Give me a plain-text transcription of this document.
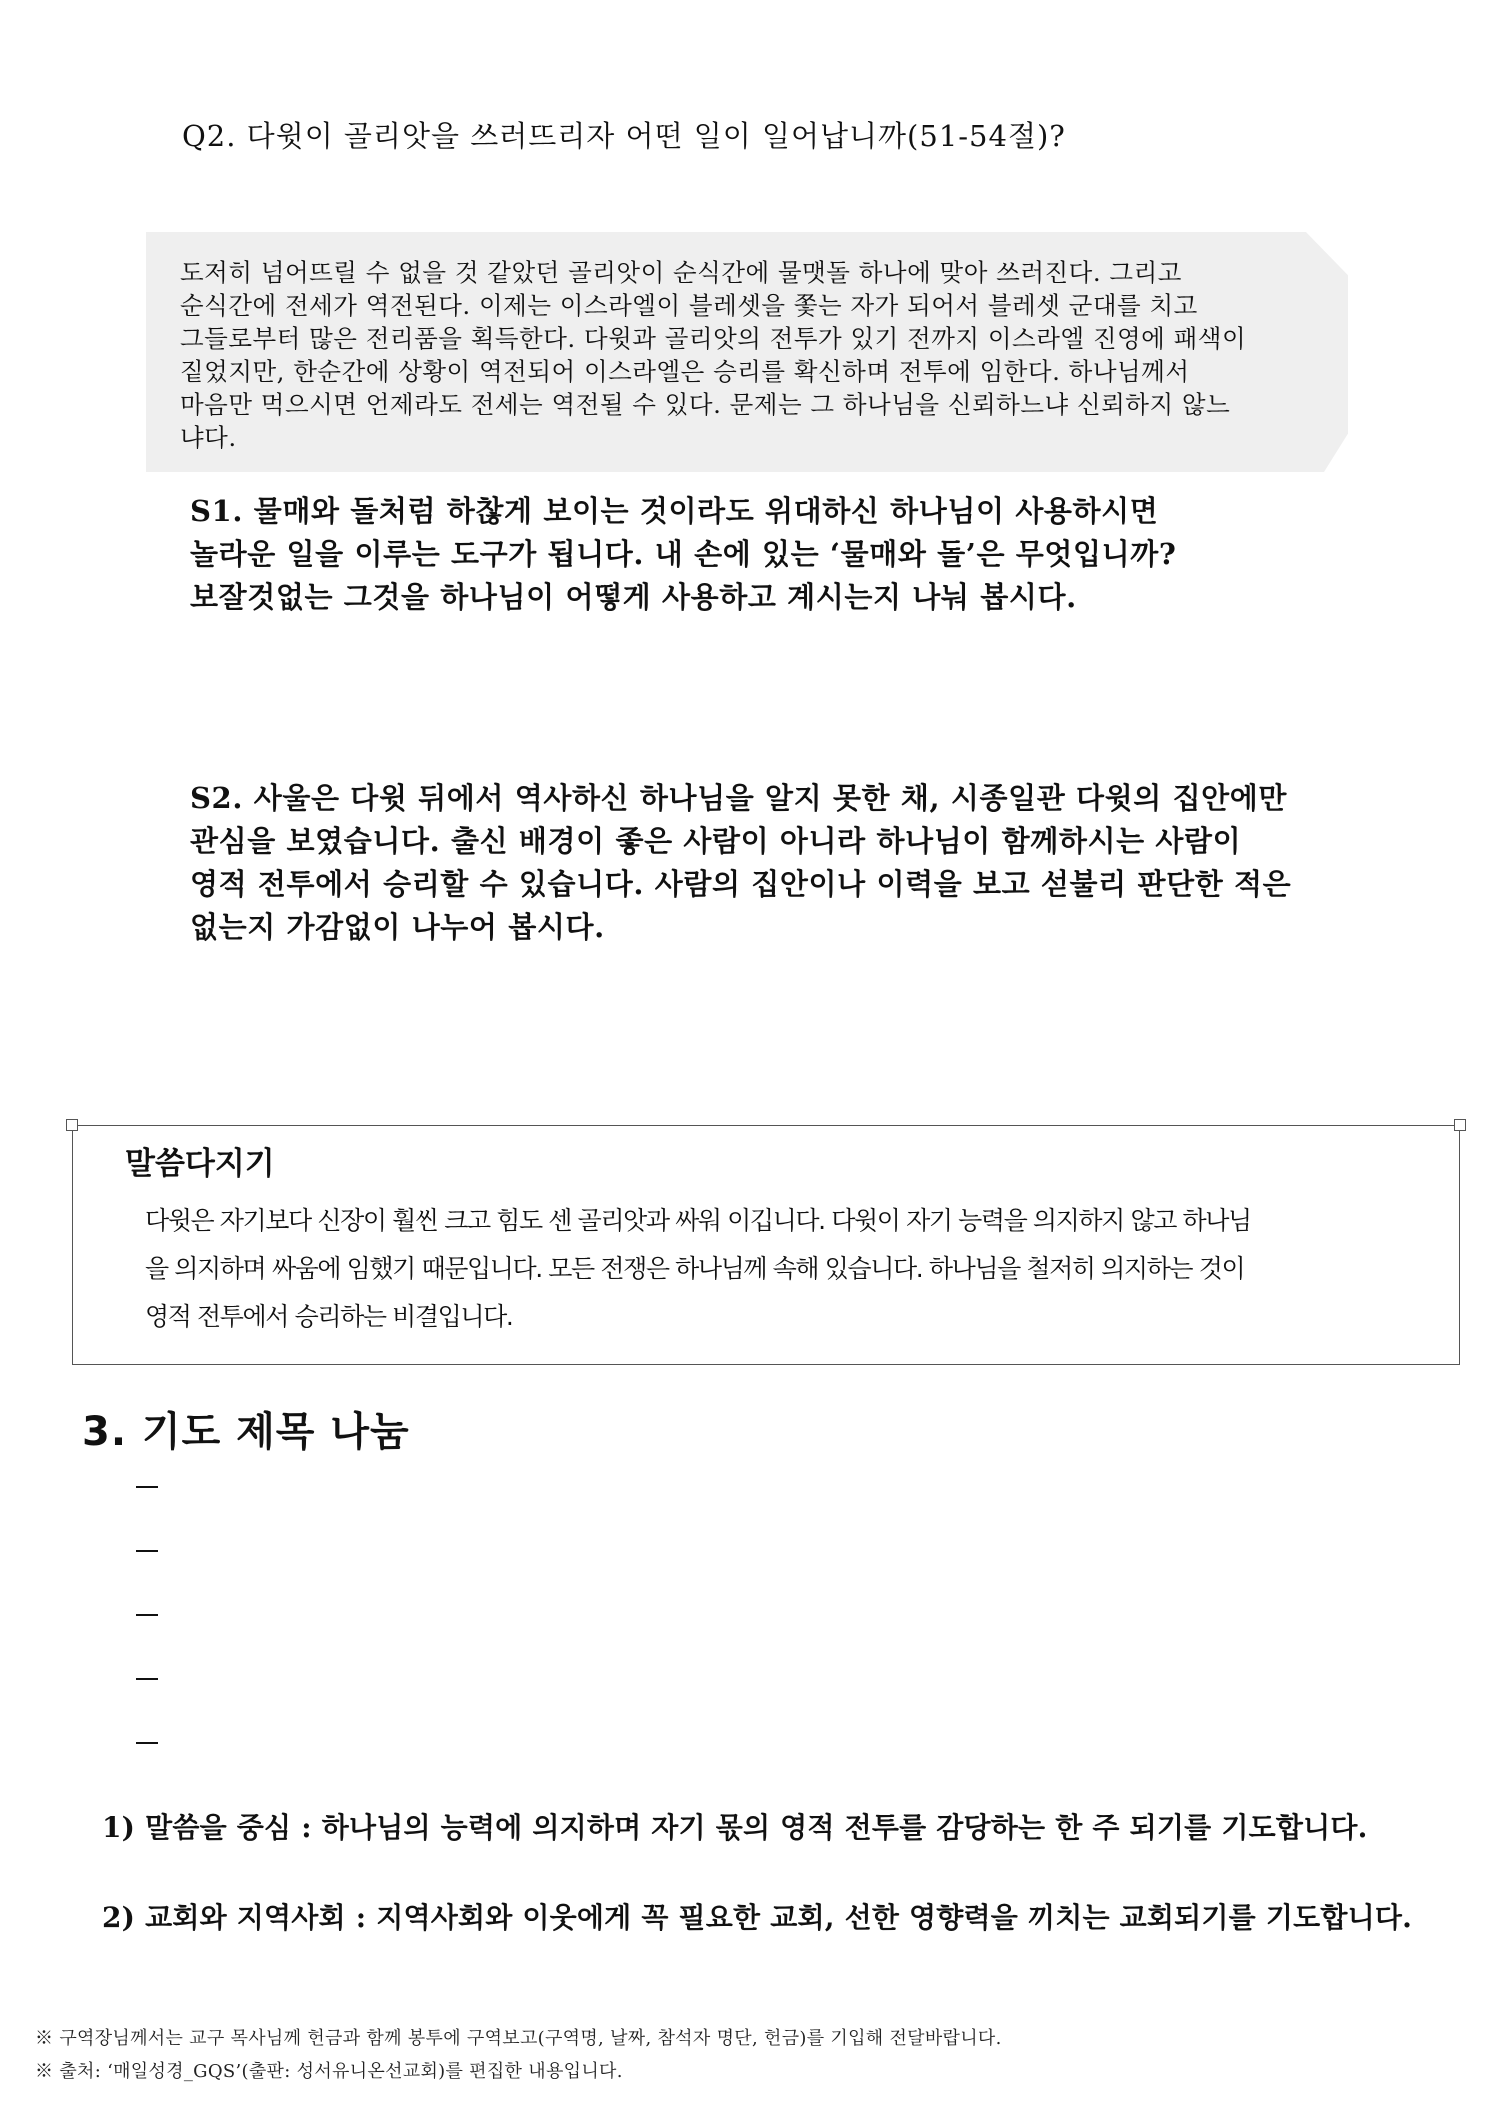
Q2. 다윗이 골리앗을 쓰러뜨리자 어떤 일이 일어납니까(51-54절)?
도저히 넘어뜨릴 수 없을 것 같았던 골리앗이 순식간에 물맷돌 하나에 맞아 쓰러진다. 그리고
순식간에 전세가 역전된다. 이제는 이스라엘이 블레셋을 쫓는 자가 되어서 블레셋 군대를 치고
그들로부터 많은 전리품을 획득한다. 다윗과 골리앗의 전투가 있기 전까지 이스라엘 진영에 패색이
짙었지만, 한순간에 상황이 역전되어 이스라엘은 승리를 확신하며 전투에 임한다. 하나님께서
마음만 먹으시면 언제라도 전세는 역전될 수 있다. 문제는 그 하나님을 신뢰하느냐 신뢰하지 않느
냐다.
S1. 물매와 돌처럼 하찮게 보이는 것이라도 위대하신 하나님이 사용하시면
놀라운 일을 이루는 도구가 됩니다. 내 손에 있는 ‘물매와 돌’은 무엇입니까?
보잘것없는 그것을 하나님이 어떻게 사용하고 계시는지 나눠 봅시다.
S2. 사울은 다윗 뒤에서 역사하신 하나님을 알지 못한 채, 시종일관 다윗의 집안에만
관심을 보였습니다. 출신 배경이 좋은 사람이 아니라 하나님이 함께하시는 사람이
영적 전투에서 승리할 수 있습니다. 사람의 집안이나 이력을 보고 섣불리 판단한 적은
없는지 가감없이 나누어 봅시다.
말씀다지기
다윗은 자기보다 신장이 훨씬 크고 힘도 센 골리앗과 싸워 이깁니다. 다윗이 자기 능력을 의지하지 않고 하나님
을 의지하며 싸움에 임했기 때문입니다. 모든 전쟁은 하나님께 속해 있습니다. 하나님을 철저히 의지하는 것이
영적 전투에서 승리하는 비결입니다.
3. 기도 제목 나눔
1) 말씀을 중심 : 하나님의 능력에 의지하며 자기 몫의 영적 전투를 감당하는 한 주 되기를 기도합니다.
2) 교회와 지역사회 : 지역사회와 이웃에게 꼭 필요한 교회, 선한 영향력을 끼치는 교회되기를 기도합니다.
※ 구역장님께서는 교구 목사님께 헌금과 함께 봉투에 구역보고(구역명, 날짜, 참석자 명단, 헌금)를 기입해 전달바랍니다.
※ 출처: ‘매일성경_GQS’(출판: 성서유니온선교회)를 편집한 내용입니다.
